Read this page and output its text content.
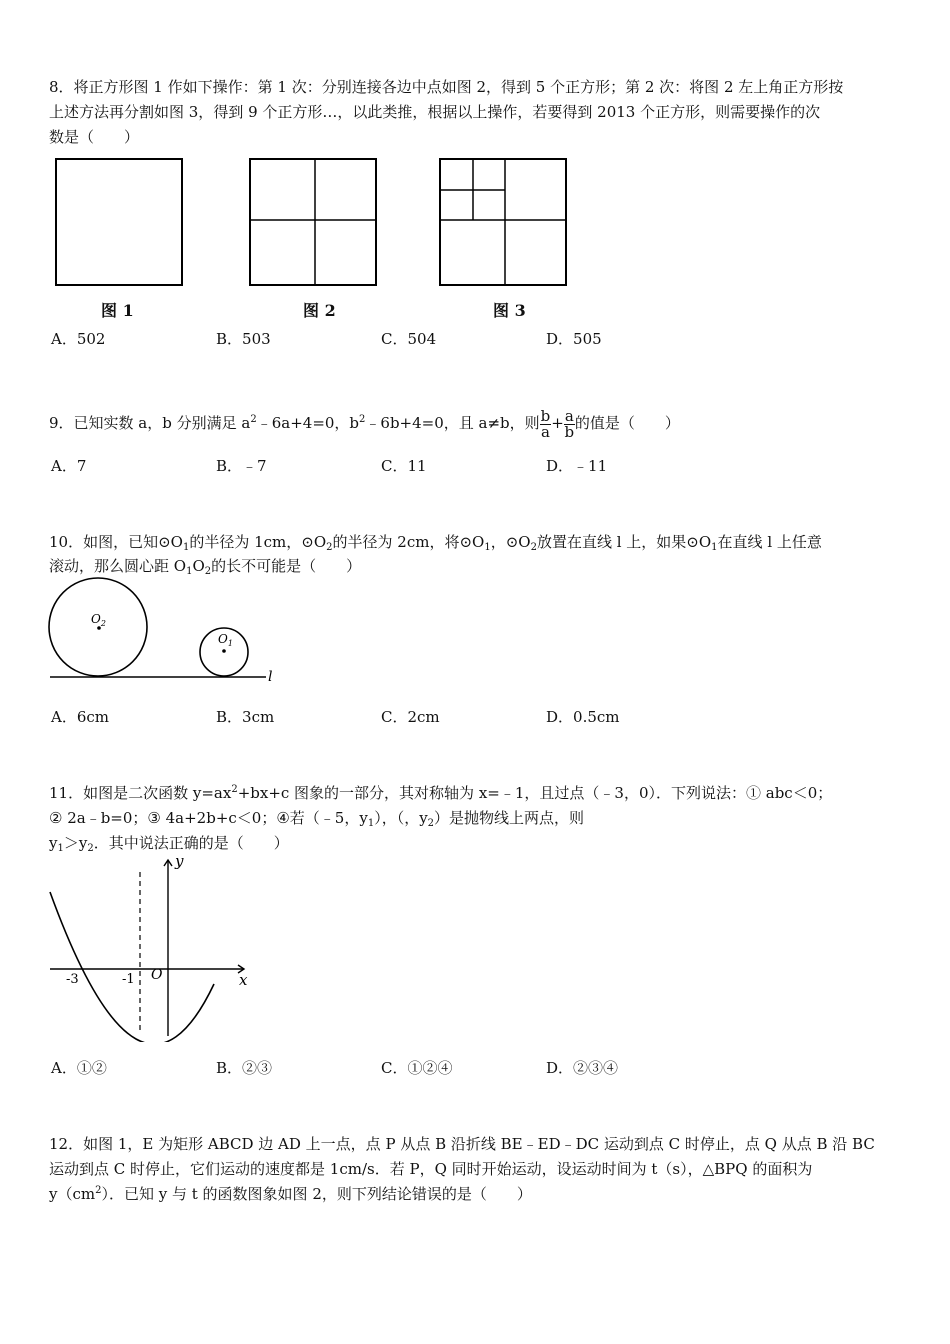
8．将正方形图 1 作如下操作：第 1 次：分别连接各边中点如图 2，得到 5 个正方形；第 2 次：将图 2 左上角正方形按
上述方法再分割如图 3，得到 9 个正方形…，以此类推，根据以上操作，若要得到 2013 个正方形，则需要操作的次
数是（　　）
图 1	图 2	图 3
A．502	B．503	C．504	D．505
9．已知实数 a，b 分别满足 $a^2﹣6a+4=0$，$b^2﹣6b+4=0$，且 a≠b，则 $\frac{b}{a} + \frac{a}{b}$ 的值是（　　）
A．7	B．﹣7	C．11	D．﹣11
10．如图，已知$⊙O_1$的半径为 1cm，$⊙O_2$的半径为 2cm，将$⊙O_1$，$⊙O_2$放置在直线 l 上，如果$⊙O_1$在直线 l 上任意
滚动，那么圆心距 $O_1O_2$的长不可能是（　　）
$O_2$
$O_1$
l
A．6cm	B．3cm	C．2cm	D．0.5cm
11．如图是二次函数 $y=ax^2+bx+c$ 图象的一部分，其对称轴为 x=﹣1，且过点（﹣3，0）．下列说法：① abc＜0；
② 2a﹣b=0；③ 4a+2b+c＜0；④若（﹣5，$y_1$），（，$y_2$）是抛物线上两点，则
$y_1>y_2$．其中说法正确的是（　　）
y
x
-3	-1 O
A．①②	B．②③	C．①②④	D．②③④
12．如图 1，E 为矩形 ABCD 边 AD 上一点，点 P 从点 B 沿折线 BE﹣ED﹣DC 运动到点 C 时停止，点 Q 从点 B 沿 BC
运动到点 C 时停止，它们运动的速度都是 1cm/s．若 P，Q 同时开始运动，设运动时间为 t（s），△BPQ 的面积为
$y(cm^2)$．已知 y 与 t 的函数图象如图 2，则下列结论错误的是（　　）
